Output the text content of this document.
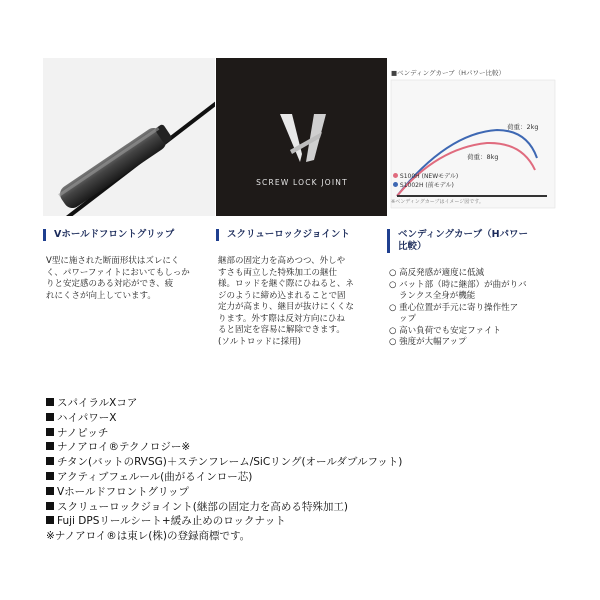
SCREW LOCK JOINT
■ベンディングカーブ（Hパワー比較）
荷重：2kg
荷重：8kg
S100H (NEWモデル)
S1002H (前モデル)
※ベンディングカーブはイメージ図です。
Vホールドフロントグリップ	スクリューロックジョイント	ベンディングカーブ（Hパワー
比較）
V型に施された断面形状はズレにく
く、パワーファイトにおいてもしっか
りと安定感のある対応ができ、疲
れにくさが向上しています。
継部の固定力を高めつつ、外しや
すさも両立した特殊加工の継仕
様。ロッドを継ぐ際にひねると、ネ
ジのように締め込まれることで固
定力が高まり、継目が抜けにくくな
ります。外す際は反対方向にひね
ると固定を容易に解除できます。
(ソルトロッドに採用)
○ 高反発感が適度に低減
○ バット部（時に継部）が曲がりバ
ランクス全身が機能
○ 重心位置が手元に寄り操作性ア
ップ
○ 高い負荷でも安定ファイト
○ 強度が大幅アップ
スパイラルXコア
ハイパワーX
ナノピッチ
ナノアロイ®テクノロジー※
チタン(バットのRVSG)＋ステンフレーム/SiCリング(オールダブルフット)
アクティブフェルール(曲がるインロー芯)
Vホールドフロントグリップ
スクリューロックジョイント(継部の固定力を高める特殊加工)
Fuji DPSリールシート+緩み止めのロックナット
※ナノアロイ®は東レ(株)の登録商標です。
